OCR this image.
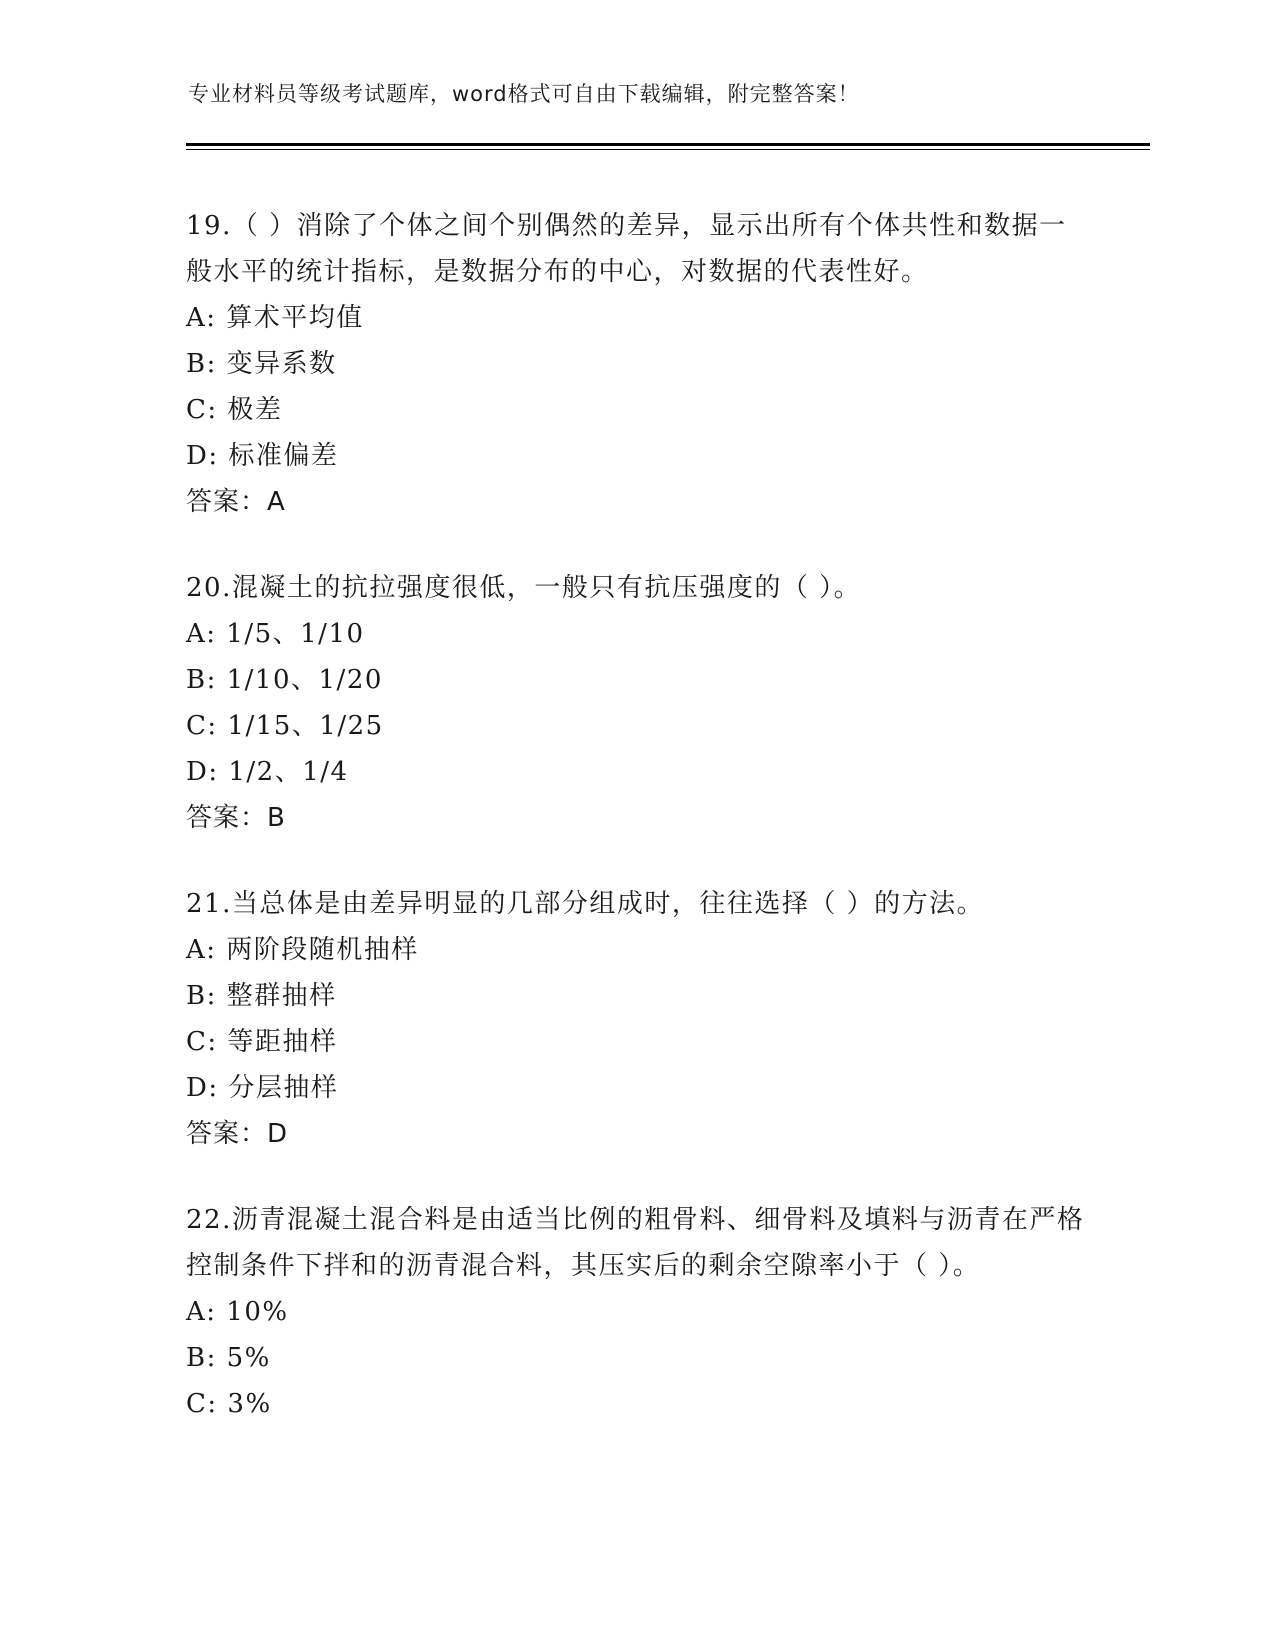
专业材料员等级考试题库，word格式可自由下载编辑，附完整答案！

19.（ ）消除了个体之间个别偶然的差异，显示出所有个体共性和数据一般水平的统计指标，是数据分布的中心，对数据的代表性好。

A: 算术平均值

B: 变异系数

C: 极差

D: 标准偏差

答案：A

20.混凝土的抗拉强度很低，一般只有抗压强度的（ ）。

A: 1/5、1/10

B: 1/10、1/20

C: 1/15、1/25

D: 1/2、1/4

答案：B

21.当总体是由差异明显的几部分组成时，往往选择（ ）的方法。

A: 两阶段随机抽样

B: 整群抽样

C: 等距抽样

D: 分层抽样

答案：D

22.沥青混凝土混合料是由适当比例的粗骨料、细骨料及填料与沥青在严格控制条件下拌和的沥青混合料，其压实后的剩余空隙率小于（ ）。

A: 10%

B: 5%

C: 3%
